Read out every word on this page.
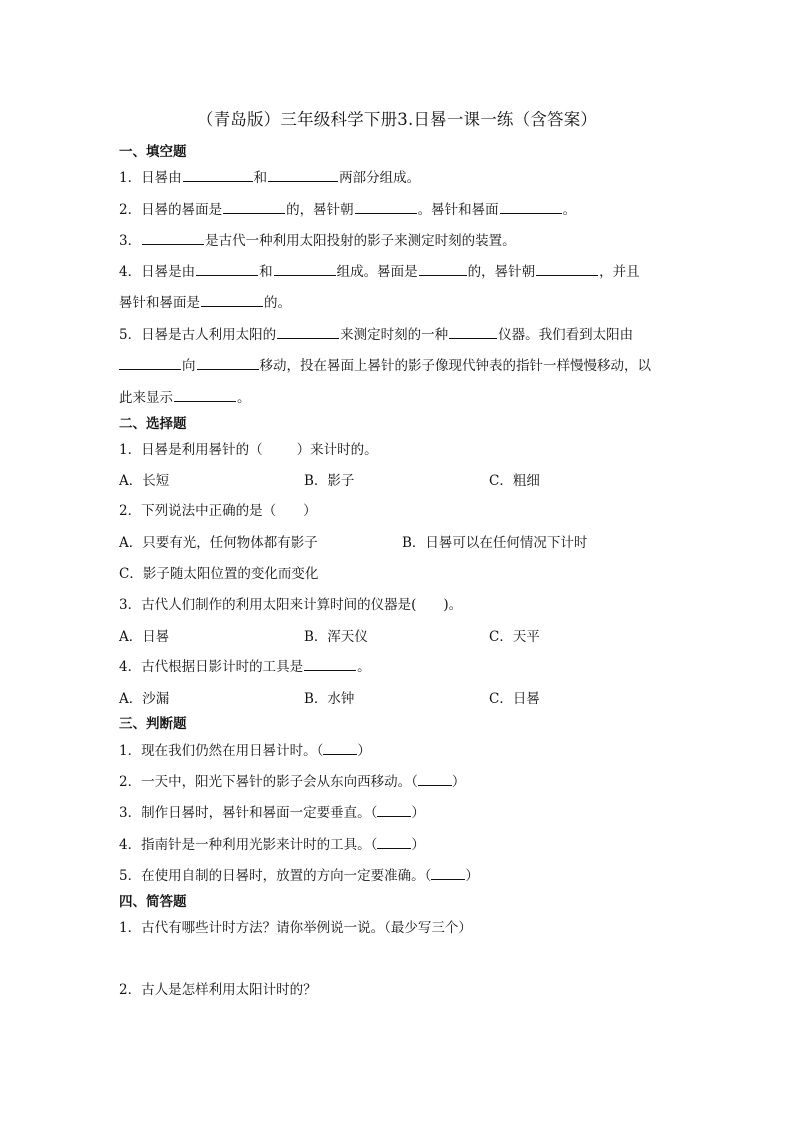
（青岛版）三年级科学下册3.日晷一课一练（含答案）
一、填空题
1．日晷由	和	两部分组成。
2．日晷的晷面是	的，晷针朝	。晷针和晷面	。
3．	是古代一种利用太阳投射的影子来测定时刻的装置。
4．日晷是由	和	组成。晷面是	的，晷针朝	，并且
晷针和晷面是	的。
5．日晷是古人利用太阳的	来测定时刻的一种	仪器。我们看到太阳由
向	移动，投在晷面上晷针的影子像现代钟表的指针一样慢慢移动，以
此来显示	。
二、选择题
1．日晷是利用晷针的（	）来计时的。
A．长短	B．影子	C．粗细
2．下列说法中正确的是（　　）
A．只要有光，任何物体都有影子	B．日晷可以在任何情况下计时
C．影子随太阳位置的变化而变化
3．古代人们制作的利用太阳来计算时间的仪器是(　　)。
A．日晷	B．浑天仪	C．天平
4．古代根据日影计时的工具是	。
A．沙漏	B．水钟	C．日晷
三、判断题
1．现在我们仍然在用日晷计时。（	）
2．一天中，阳光下晷针的影子会从东向西移动。（	）
3．制作日晷时，晷针和晷面一定要垂直。（	）
4．指南针是一种利用光影来计时的工具。（	）
5．在使用自制的日晷时，放置的方向一定要准确。（	）
四、简答题
1．古代有哪些计时方法？请你举例说一说。（最少写三个）
2．古人是怎样利用太阳计时的？
